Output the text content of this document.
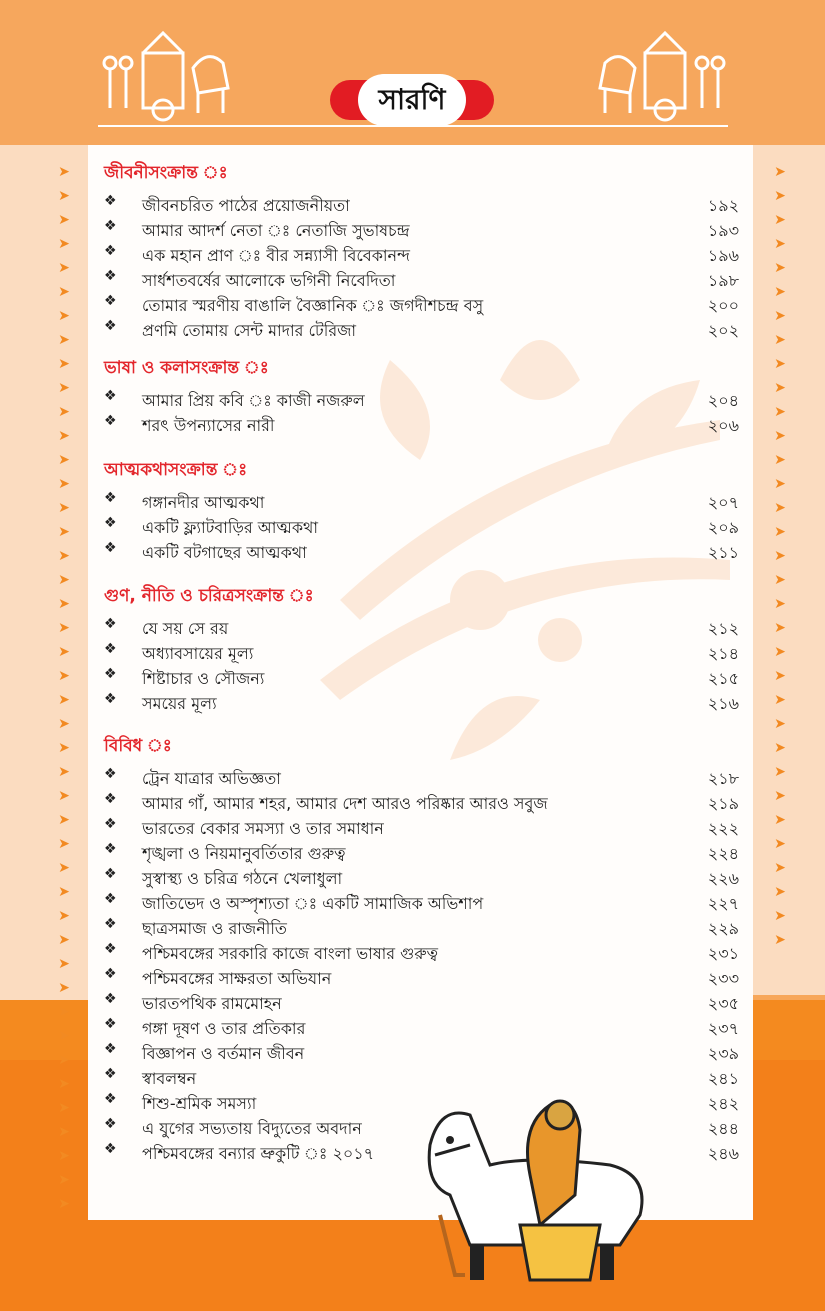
➤
➤
➤
➤
➤
➤
➤
➤
➤
➤
➤
➤
➤
➤
➤
➤
➤
➤
➤
➤
➤
➤
➤
➤
➤
➤
➤
➤
➤
➤
➤
➤
➤
➤
➤
➤
➤
➤
➤
➤
➤
➤
➤
➤
➤
➤
➤
➤
➤
➤
➤
➤
➤
➤
➤
➤
➤
➤
➤
➤
➤
➤
➤
➤
➤
➤
➤
➤
➤
➤
➤
➤
➤
➤
➤
➤
➤
সারণি
জীবনীসংক্রান্ত ঃ
❖	জীবনচরিত পাঠের প্রয়োজনীয়তা	১৯২
❖	আমার আদর্শ নেতা ঃ নেতাজি সুভাষচন্দ্র	১৯৩
❖	এক মহান প্রাণ ঃ বীর সন্ন্যাসী বিবেকানন্দ	১৯৬
❖	সার্ধশতবর্ষের আলোকে ভগিনী নিবেদিতা	১৯৮
❖	তোমার স্মরণীয় বাঙালি বৈজ্ঞানিক ঃ জগদীশচন্দ্র বসু	২০০
❖	প্রণমি তোমায় সেন্ট মাদার টেরিজা	২০২
ভাষা ও কলাসংক্রান্ত ঃ
❖	আমার প্রিয় কবি ঃ কাজী নজরুল	২০৪
❖	শরৎ উপন্যাসের নারী	২০৬
আত্মকথাসংক্রান্ত ঃ
❖	গঙ্গানদীর আত্মকথা	২০৭
❖	একটি ফ্ল্যাটবাড়ির আত্মকথা	২০৯
❖	একটি বটগাছের আত্মকথা	২১১
গুণ, নীতি ও চরিত্রসংক্রান্ত ঃ
❖	যে সয় সে রয়	২১২
❖	অধ্যাবসায়ের মূল্য	২১৪
❖	শিষ্টাচার ও সৌজন্য	২১৫
❖	সময়ের মূল্য	২১৬
বিবিধ ঃ
❖	ট্রেন যাত্রার অভিজ্ঞতা	২১৮
❖	আমার গাঁ, আমার শহর, আমার দেশ আরও পরিষ্কার আরও সবুজ	২১৯
❖	ভারতের বেকার সমস্যা ও তার সমাধান	২২২
❖	শৃঙ্খলা ও নিয়মানুবর্তিতার গুরুত্ব	২২৪
❖	সুস্বাস্থ্য ও চরিত্র গঠনে খেলাধুলা	২২৬
❖	জাতিভেদ ও অস্পৃশ্যতা ঃ একটি সামাজিক অভিশাপ	২২৭
❖	ছাত্রসমাজ ও রাজনীতি	২২৯
❖	পশ্চিমবঙ্গের সরকারি কাজে বাংলা ভাষার গুরুত্ব	২৩১
❖	পশ্চিমবঙ্গের সাক্ষরতা অভিযান	২৩৩
❖	ভারতপথিক রামমোহন	২৩৫
❖	গঙ্গা দূষণ ও তার প্রতিকার	২৩৭
❖	বিজ্ঞাপন ও বর্তমান জীবন	২৩৯
❖	স্বাবলম্বন	২৪১
❖	শিশু-শ্রমিক সমস্যা	২৪২
❖	এ যুগের সভ্যতায় বিদ্যুতের অবদান	২৪৪
❖	পশ্চিমবঙ্গের বন্যার ভ্রুকুটি ঃ ২০১৭	২৪৬
